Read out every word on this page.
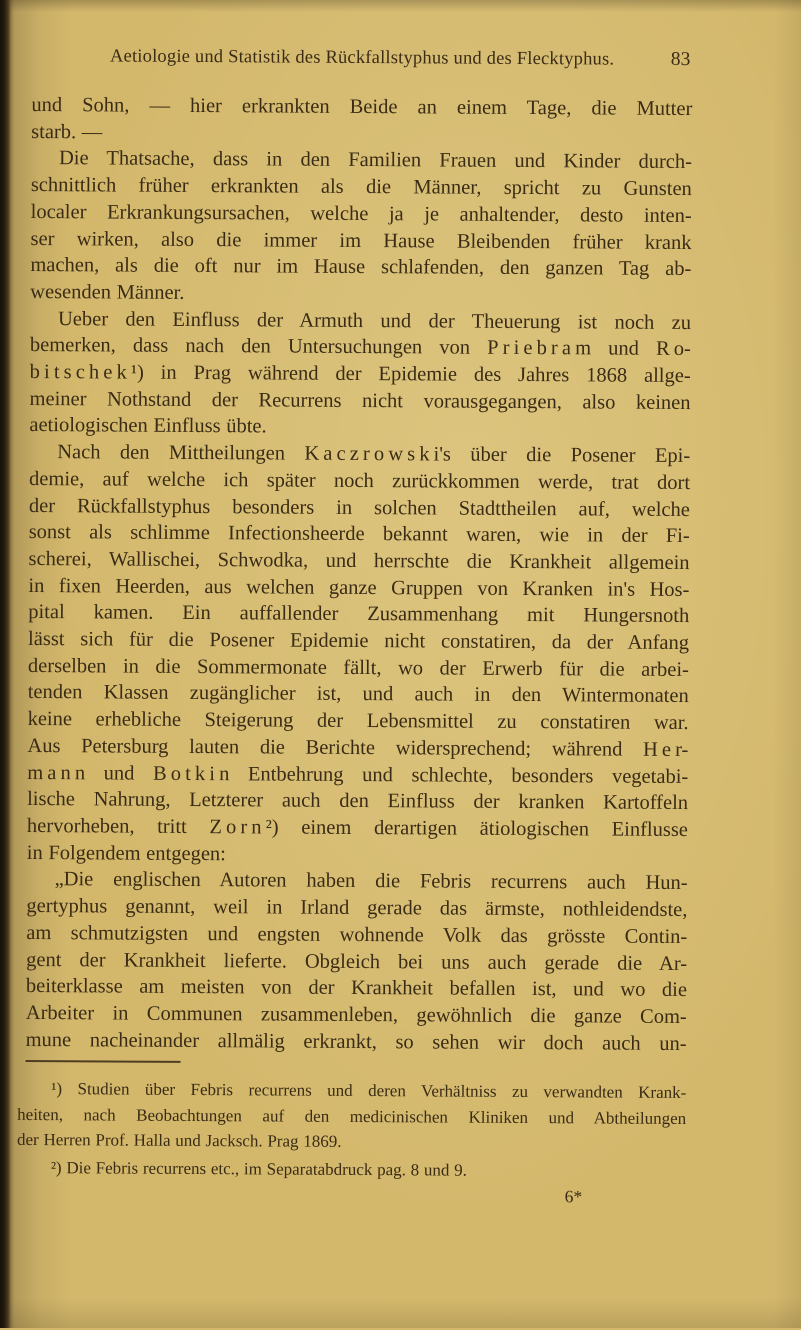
Aetiologie und Statistik des Rückfallstyphus und des Flecktyphus.	83
und Sohn, — hier erkrankten Beide an einem Tage, die Mutter
starb. —
Die Thatsache, dass in den Familien Frauen und Kinder durch-
schnittlich früher erkrankten als die Männer, spricht zu Gunsten
localer Erkrankungsursachen, welche ja je anhaltender, desto inten-
ser wirken, also die immer im Hause Bleibenden früher krank
machen, als die oft nur im Hause schlafenden, den ganzen Tag ab-
wesenden Männer.
Ueber den Einfluss der Armuth und der Theuerung ist noch zu
bemerken, dass nach den Untersuchungen von P r i e b r a m und R o-
b i t s c h e k ¹) in Prag während der Epidemie des Jahres 1868 allge-
meiner Nothstand der Recurrens nicht vorausgegangen, also keinen
aetiologischen Einfluss übte.
Nach den Mittheilungen K a c z r o w s k i's über die Posener Epi-
demie, auf welche ich später noch zurückkommen werde, trat dort
der Rückfallstyphus besonders in solchen Stadttheilen auf, welche
sonst als schlimme Infectionsheerde bekannt waren, wie in der Fi-
scherei, Wallischei, Schwodka, und herrschte die Krankheit allgemein
in fixen Heerden, aus welchen ganze Gruppen von Kranken in's Hos-
pital kamen. Ein auffallender Zusammenhang mit Hungersnoth
lässt sich für die Posener Epidemie nicht constatiren, da der Anfang
derselben in die Sommermonate fällt, wo der Erwerb für die arbei-
tenden Klassen zugänglicher ist, und auch in den Wintermonaten
keine erhebliche Steigerung der Lebensmittel zu constatiren war.
Aus Petersburg lauten die Berichte widersprechend; während H e r-
m a n n und B o t k i n Entbehrung und schlechte, besonders vegetabi-
lische Nahrung, Letzterer auch den Einfluss der kranken Kartoffeln
hervorheben, tritt Z o r n ²) einem derartigen ätiologischen Einflusse
in Folgendem entgegen:
„Die englischen Autoren haben die Febris recurrens auch Hun-
gertyphus genannt, weil in Irland gerade das ärmste, nothleidendste,
am schmutzigsten und engsten wohnende Volk das grösste Contin-
gent der Krankheit lieferte. Obgleich bei uns auch gerade die Ar-
beiterklasse am meisten von der Krankheit befallen ist, und wo die
Arbeiter in Communen zusammenleben, gewöhnlich die ganze Com-
mune nacheinander allmälig erkrankt, so sehen wir doch auch un-
¹) Studien über Febris recurrens und deren Verhältniss zu verwandten Krank-
heiten, nach Beobachtungen auf den medicinischen Kliniken und Abtheilungen
der Herren Prof. Halla und Jacksch. Prag 1869.
²) Die Febris recurrens etc., im Separatabdruck pag. 8 und 9.
6*
